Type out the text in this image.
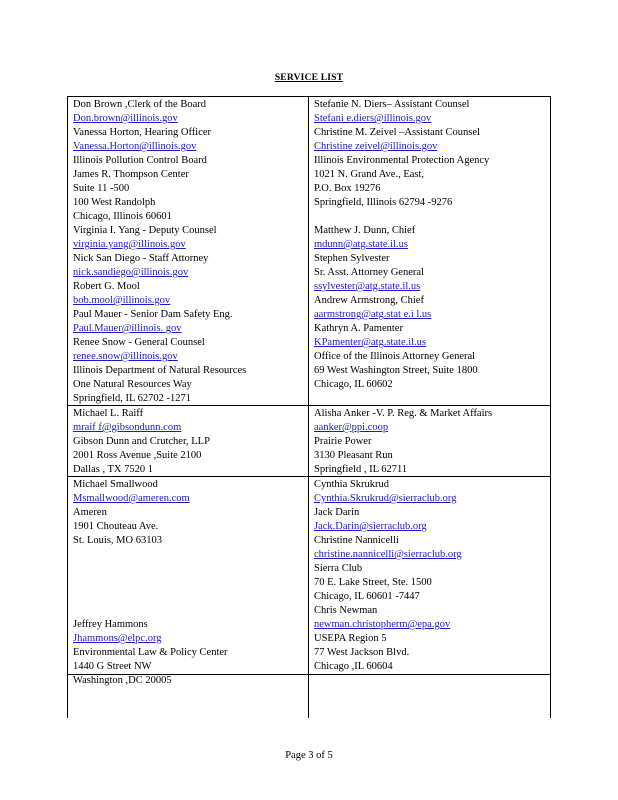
SERVICE LIST
Don Brown ,Clerk of the Board
Don.brown@illinois.gov
Vanessa Horton, Hearing Officer
Vanessa.Horton@illinois.gov
Illinois Pollution Control Board
James R. Thompson Center
Suite 11 -500
100 West Randolph
Chicago, Illinois 60601
Virginia I. Yang - Deputy Counsel
virginia.yang@illinois.gov
Nick San Diego - Staff Attorney
nick.sandiego@illinois.gov
Robert G. Mool
bob.mool@illinois.gov
Paul Mauer - Senior Dam Safety Eng.
Paul.Mauer@illinois. gov
Renee Snow - General Counsel
renee.snow@illinois.gov
Illinois Department of Natural Resources
One Natural Resources Way
Springfield, IL 62702 -1271
Stefanie N. Diers– Assistant Counsel
Stefani e.diers@illinois.gov
Christine M. Zeivel –Assistant Counsel
Christine zeivel@illinois.gov
Illinois Environmental Protection Agency
1021 N. Grand Ave., East,
P.O. Box 19276
Springfield, Illinois 62794 -9276
Matthew J. Dunn, Chief
mdunn@atg.state.il.us
Stephen Sylvester
Sr. Asst. Attorney General
ssylvester@atg.state.il.us
Andrew Armstrong, Chief
aarmstrong@atg.stat e.i l.us
Kathryn A. Pamenter
KPamenter@atg.state.il.us
Office of the Illinois Attorney General
69 West Washington Street, Suite 1800
Chicago, IL 60602
Michael L. Raiff
mraif f@gibsondunn.com
Gibson Dunn and Crutcher, LLP
2001 Ross Avenue ,Suite 2100
Dallas , TX 7520 1
Alisha Anker -V. P. Reg. & Market Affairs
aanker@ppi.coop
Prairie Power
3130 Pleasant Run
Springfield , IL 62711
Michael Smallwood
Msmallwood@ameren.com
Ameren
1901 Chouteau Ave.
St. Louis, MO 63103
Jeffrey Hammons
Jhammons@elpc.org
Environmental Law & Policy Center
1440 G Street NW
Washington ,DC 20005
Cynthia Skrukrud
Cynthia.Skrukrud@sierraclub.org
Jack Darin
Jack.Darin@sierraclub.org
Christine Nannicelli
christine.nannicelli@sierraclub.org
Sierra Club
70 E. Lake Street, Ste. 1500
Chicago, IL 60601 -7447
Chris Newman
newman.christopherm@epa.gov
USEPA Region 5
77 West Jackson Blvd.
Chicago ,IL 60604
Page 3 of 5
